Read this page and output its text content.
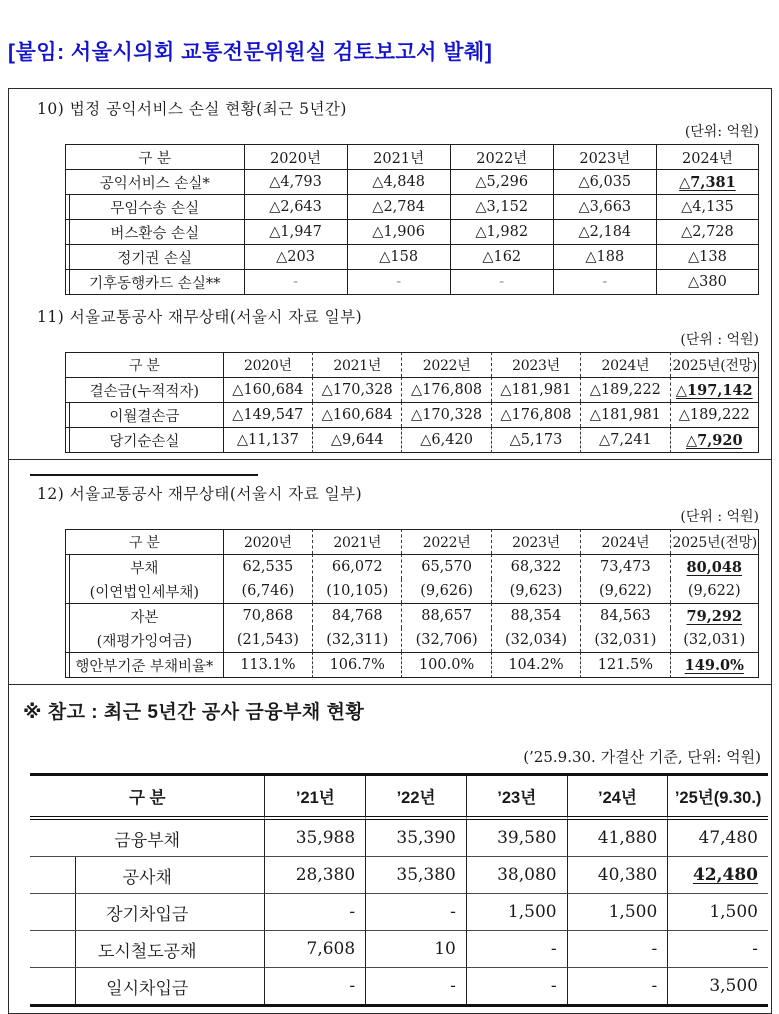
[붙임: 서울시의회 교통전문위원실 검토보고서 발췌]
10) 법정 공익서비스 손실 현황(최근 5년간)
(단위: 억원)
구 분	2020년	2021년	2022년	2023년	2024년
공익서비스 손실*	△4,793	△4,848	△5,296	△6,035	△7,381
무임수송 손실	△2,643	△2,784	△3,152	△3,663	△4,135
버스환승 손실	△1,947	△1,906	△1,982	△2,184	△2,728
정기권 손실	△203	△158	△162	△188	△138
기후동행카드 손실**	-	-	-	-	△380
11) 서울교통공사 재무상태(서울시 자료 일부)
(단위 : 억원)
구 분	2020년	2021년	2022년	2023년	2024년	2025년(전망)
결손금(누적적자)	△160,684	△170,328	△176,808	△181,981	△189,222	△197,142
이월결손금	△149,547	△160,684	△170,328	△176,808	△181,981	△189,222
당기순손실	△11,137	△9,644	△6,420	△5,173	△7,241	△7,920
12) 서울교통공사 재무상태(서울시 자료 일부)
(단위 : 억원)
구 분	2020년	2021년	2022년	2023년	2024년	2025년(전망)
부채	62,535	66,072	65,570	68,322	73,473	80,048
(이연법인세부채)	(6,746)	(10,105)	(9,626)	(9,623)	(9,622)	(9,622)
자본	70,868	84,768	88,657	88,354	84,563	79,292
(재평가잉여금)	(21,543)	(32,311)	(32,706)	(32,034)	(32,031)	(32,031)
행안부기준 부채비율*	113.1%	106.7%	100.0%	104.2%	121.5%	149.0%
※ 참고 : 최근 5년간 공사 금융부채 현황
(’25.9.30. 가결산 기준, 단위: 억원)
구 분	’21년	’22년	’23년	’24년	’25년(9.30.)
금융부채	35,988	35,390	39,580	41,880	47,480
공사채	28,380	35,380	38,080	40,380	42,480
장기차입금	-	-	1,500	1,500	1,500
도시철도공채	7,608	10	-	-	-
일시차입금	-	-	-	-	3,500
